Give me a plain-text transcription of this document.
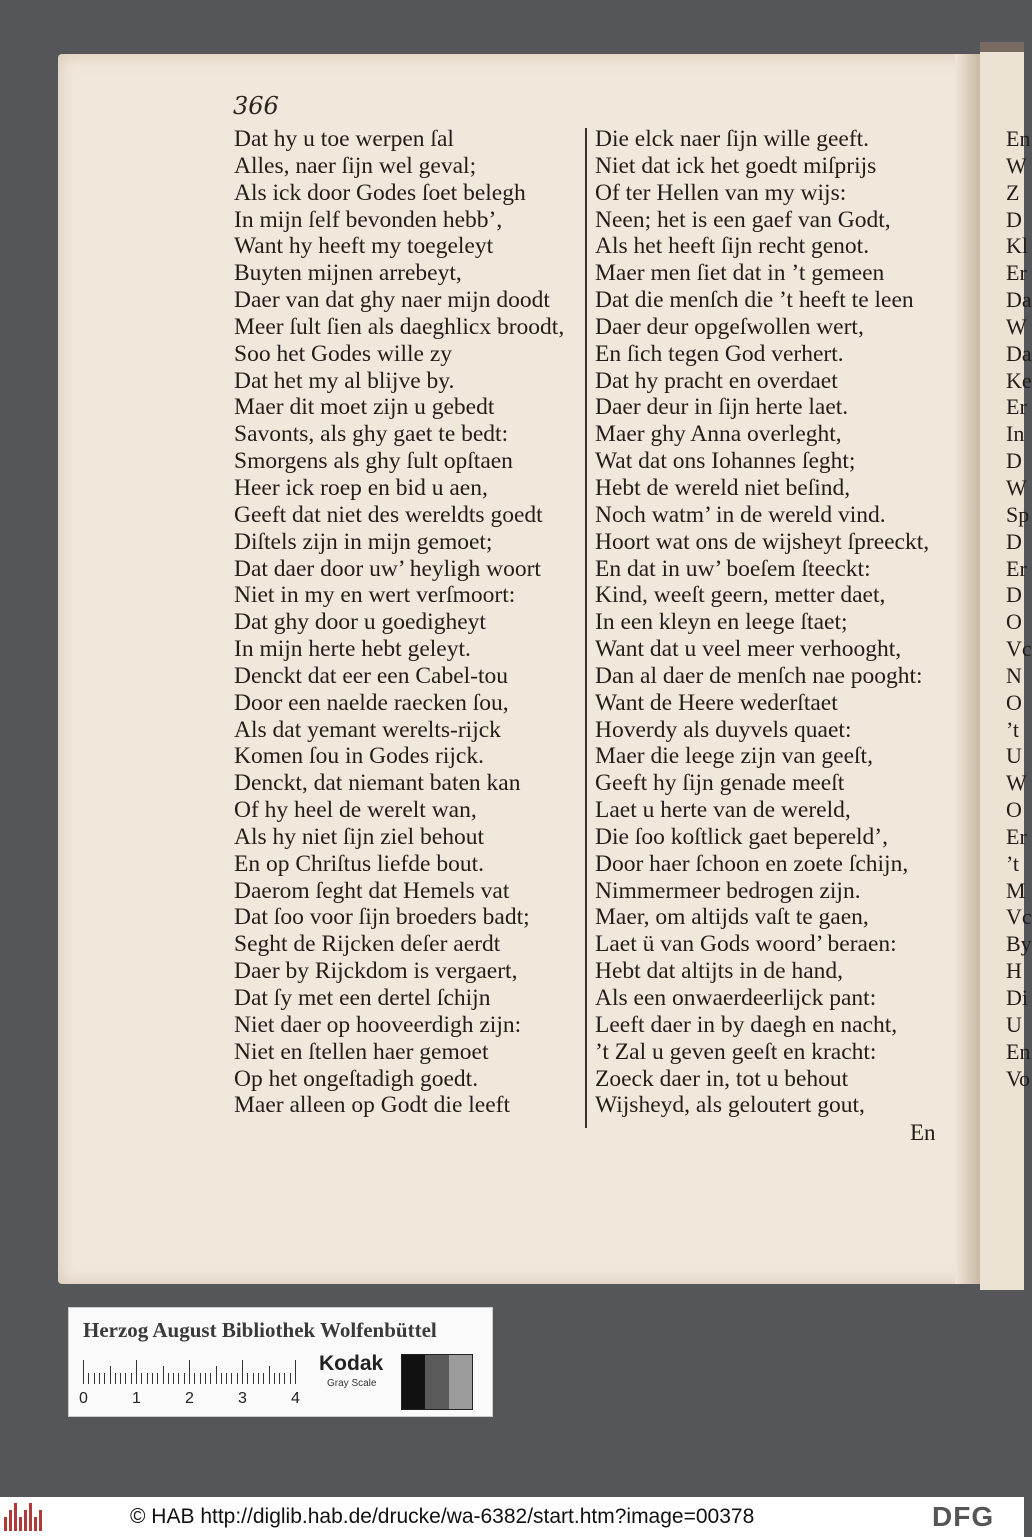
366
Dat hy u toe werpen ſal
Alles, naer ſijn wel geval;
Als ick door Godes ſoet belegh
In mijn ſelf bevonden hebb’,
Want hy heeft my toegeleyt
Buyten mijnen arrebeyt,
Daer van dat ghy naer mijn doodt
Meer ſult ſien als daeghlicx broodt,
Soo het Godes wille zy
Dat het my al blijve by.
Maer dit moet zijn u gebedt
Savonts, als ghy gaet te bedt:
Smorgens als ghy ſult opſtaen
Heer ick roep en bid u aen,
Geeft dat niet des wereldts goedt
Diſtels zijn in mijn gemoet;
Dat daer door uw’ heyligh woort
Niet in my en wert verſmoort:
Dat ghy door u goedigheyt
In mijn herte hebt geleyt.
Denckt dat eer een Cabel-tou
Door een naelde raecken ſou,
Als dat yemant werelts-rijck
Komen ſou in Godes rijck.
Denckt, dat niemant baten kan
Of hy heel de werelt wan,
Als hy niet ſijn ziel behout
En op Chriſtus liefde bout.
Daerom ſeght dat Hemels vat
Dat ſoo voor ſijn broeders badt;
Seght de Rijcken deſer aerdt
Daer by Rijckdom is vergaert,
Dat ſy met een dertel ſchijn
Niet daer op hooveerdigh zijn:
Niet en ſtellen haer gemoet
Op het ongeſtadigh goedt.
Maer alleen op Godt die leeft
Die elck naer ſijn wille geeft.
Niet dat ick het goedt miſprijs
Of ter Hellen van my wijs:
Neen; het is een gaef van Godt,
Als het heeft ſijn recht genot.
Maer men ſiet dat in ’t gemeen
Dat die menſch die ’t heeft te leen
Daer deur opgeſwollen wert,
En ſich tegen God verhert.
Dat hy pracht en overdaet
Daer deur in ſijn herte laet.
Maer ghy Anna overleght,
Wat dat ons Iohannes ſeght;
Hebt de wereld niet beſind,
Noch watm’ in de wereld vind.
Hoort wat ons de wijsheyt ſpreeckt,
En dat in uw’ boeſem ſteeckt:
Kind, weeſt geern, metter daet,
In een kleyn en leege ſtaet;
Want dat u veel meer verhooght,
Dan al daer de menſch nae pooght:
Want de Heere wederſtaet
Hoverdy als duyvels quaet:
Maer die leege zijn van geeſt,
Geeft hy ſijn genade meeſt
Laet u herte van de wereld,
Die ſoo koſtlick gaet bepereld’,
Door haer ſchoon en zoete ſchijn,
Nimmermeer bedrogen zijn.
Maer, om altijds vaſt te gaen,
Laet ü van Gods woord’ beraen:
Hebt dat altijts in de hand,
Als een onwaerdeerlijck pant:
Leeft daer in by daegh en nacht,
’t Zal u geven geeſt en kracht:
Zoeck daer in, tot u behout
Wijsheyd, als geloutert gout,
En
En
W
Z
D
Kl
Er
Da
W
Da
Ke
Er
In
D
W
Sp
D
Er
D
O
Vc
N
O
’t
U
W
O
Er
’t
M
Vc
By
H
Di
U
En
Vo
Herzog August Bibliothek Wolfenbüttel
0	1	2	3	4
Kodak
Gray Scale
© HAB http://diglib.hab.de/drucke/wa-6382/start.htm?image=00378	DFG
